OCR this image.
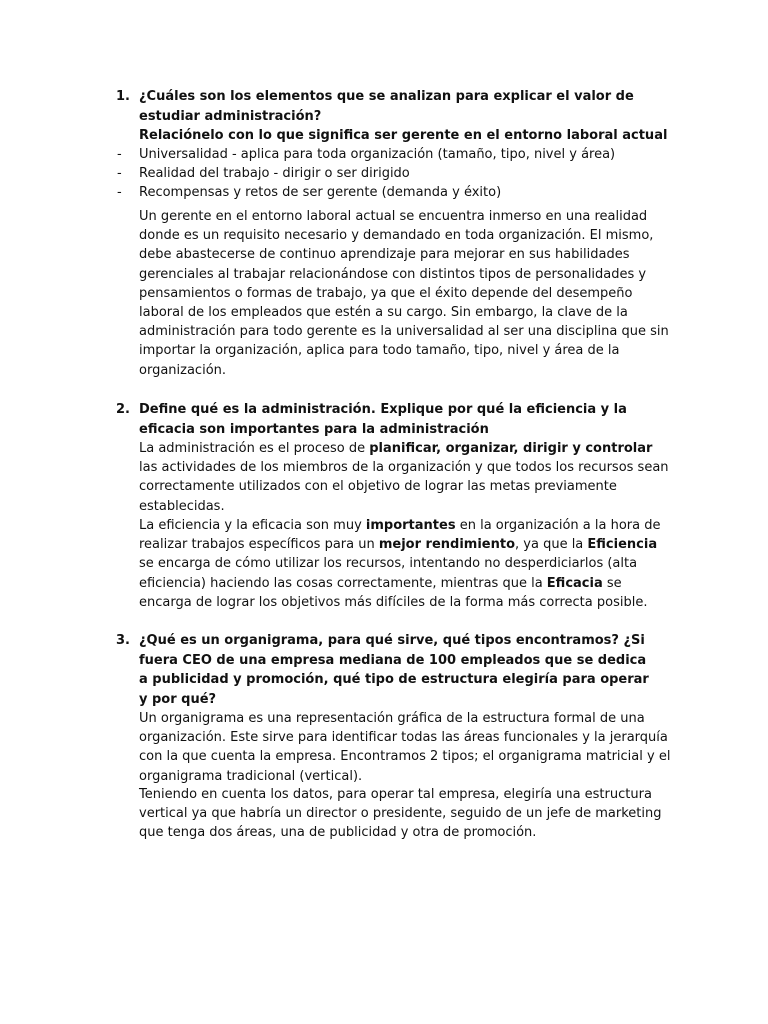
1. ¿Cuáles son los elementos que se analizan para explicar el valor de estudiar administración?
Relaciónelo con lo que significa ser gerente en el entorno laboral actual
- Universalidad - aplica para toda organización (tamaño, tipo, nivel y área)
- Realidad del trabajo - dirigir o ser dirigido
- Recompensas y retos de ser gerente (demanda y éxito)
Un gerente en el entorno laboral actual se encuentra inmerso en una realidad donde es un requisito necesario y demandado en toda organización. El mismo, debe abastecerse de continuo aprendizaje para mejorar en sus habilidades gerenciales al trabajar relacionándose con distintos tipos de personalidades y pensamientos o formas de trabajo, ya que el éxito depende del desempeño laboral de los empleados que estén a su cargo. Sin embargo, la clave de la administración para todo gerente es la universalidad al ser una disciplina que sin importar la organización, aplica para todo tamaño, tipo, nivel y área de la organización.
2. Define qué es la administración. Explique por qué la eficiencia y la eficacia son importantes para la administración
La administración es el proceso de planificar, organizar, dirigir y controlar las actividades de los miembros de la organización y que todos los recursos sean correctamente utilizados con el objetivo de lograr las metas previamente establecidas.
La eficiencia y la eficacia son muy importantes en la organización a la hora de realizar trabajos específicos para un mejor rendimiento, ya que la Eficiencia se encarga de cómo utilizar los recursos, intentando no desperdiciarlos (alta eficiencia) haciendo las cosas correctamente, mientras que la Eficacia se encarga de lograr los objetivos más difíciles de la forma más correcta posible.
3. ¿Qué es un organigrama, para qué sirve, qué tipos encontramos? ¿Si fuera CEO de una empresa mediana de 100 empleados que se dedica a publicidad y promoción, qué tipo de estructura elegiría para operar y por qué?
Un organigrama es una representación gráfica de la estructura formal de una organización. Este sirve para identificar todas las áreas funcionales y la jerarquía con la que cuenta la empresa. Encontramos 2 tipos; el organigrama matricial y el organigrama tradicional (vertical).
Teniendo en cuenta los datos, para operar tal empresa, elegiría una estructura vertical ya que habría un director o presidente, seguido de un jefe de marketing que tenga dos áreas, una de publicidad y otra de promoción.
